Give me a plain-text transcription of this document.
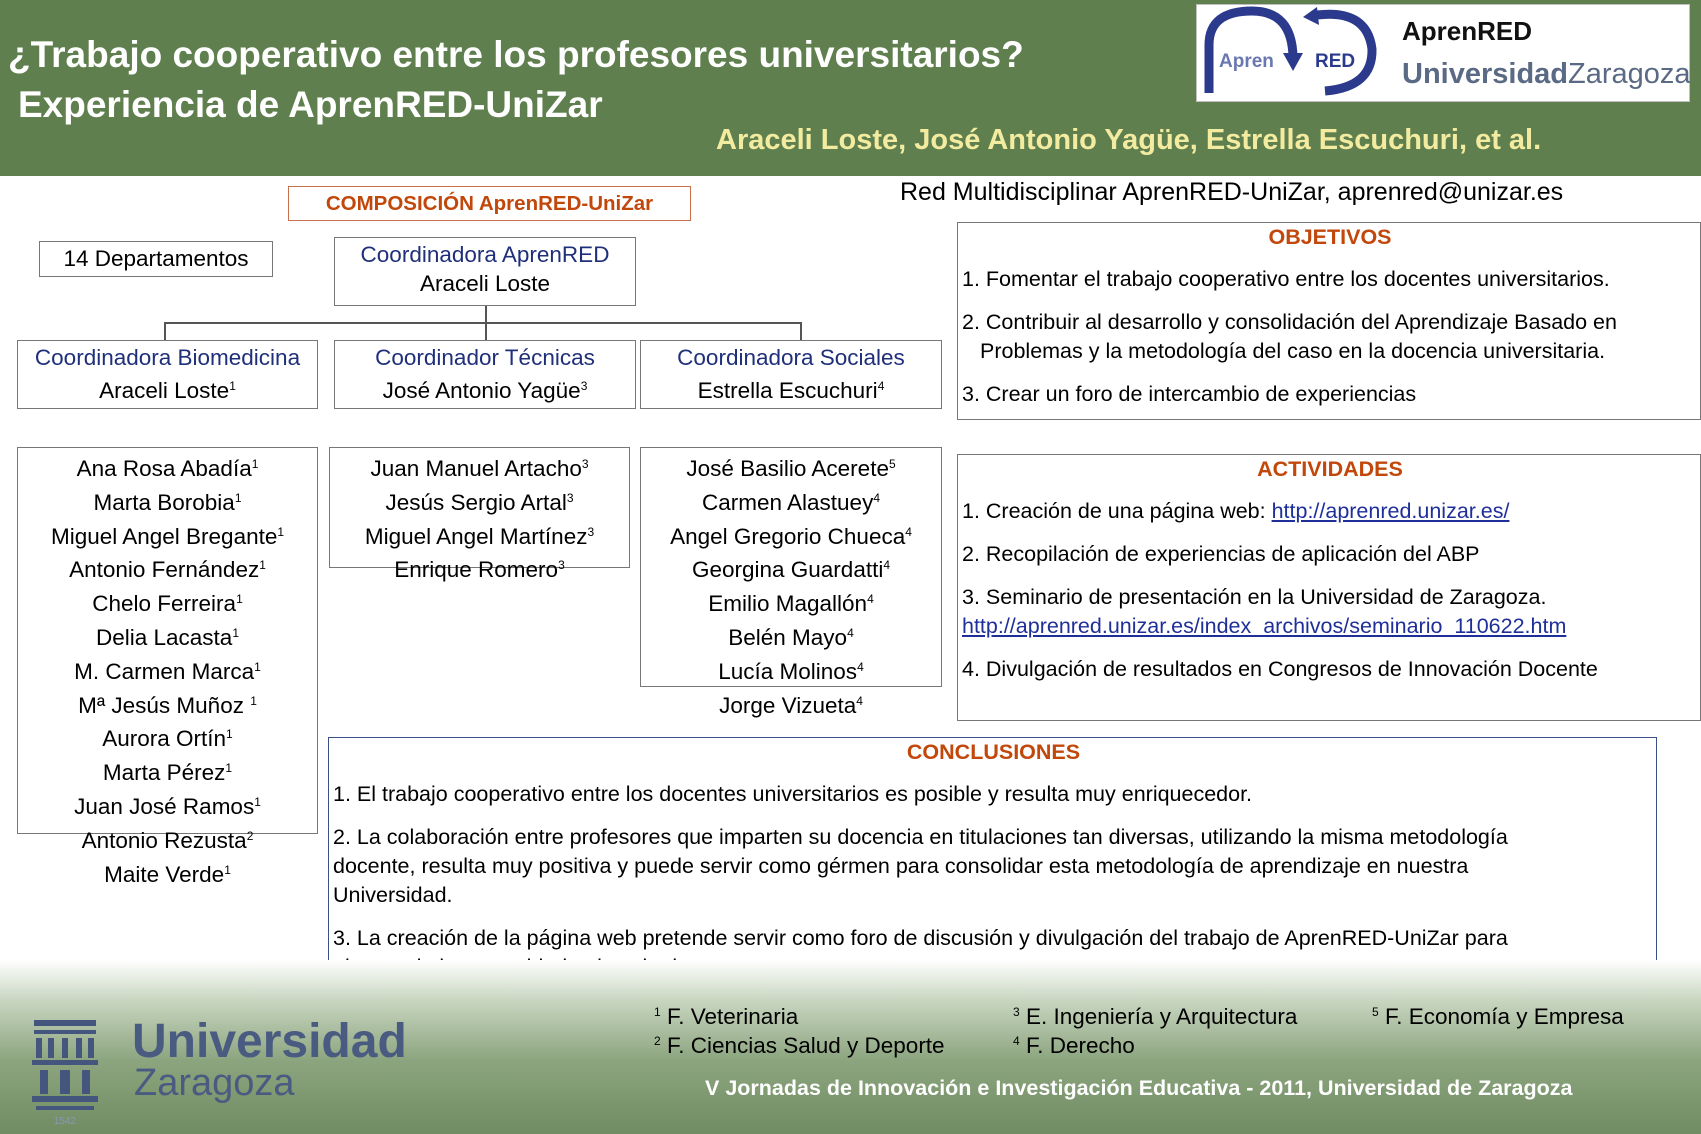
¿Trabajo cooperativo entre los profesores universitarios?
Experiencia de AprenRED-UniZar
Araceli Loste, José Antonio Yagüe, Estrella Escuchuri, et al.
Apren RED
AprenRED
UniversidadZaragoza
Red Multidisciplinar AprenRED-UniZar, aprenred@unizar.es
COMPOSICIÓN AprenRED-UniZar
14 Departamentos	Coordinadora AprenRED
Araceli Loste
Coordinadora Biomedicina
Araceli Loste$^1$
Coordinador Técnicas
José Antonio Yagüe$^3$
Coordinadora Sociales
Estrella Escuchuri$^4$
Ana Rosa Abadía$^1$
Marta Borobia$^1$
Miguel Angel Bregante$^1$
Antonio Fernández$^1$
Chelo Ferreira$^1$
Delia Lacasta$^1$
M. Carmen Marca$^1$
Mª Jesús Muñoz $^1$
Aurora Ortín$^1$
Marta Pérez$^1$
Juan José Ramos$^1$
Antonio Rezusta$^2$
Maite Verde$^1$
Juan Manuel Artacho$^3$
Jesús Sergio Artal$^3$
Miguel Angel Martínez$^3$
Enrique Romero$^3$
José Basilio Acerete$^5$
Carmen Alastuey$^4$
Angel Gregorio Chueca$^4$
Georgina Guardatti$^4$
Emilio Magallón$^4$
Belén Mayo$^4$
Lucía Molinos$^4$
Jorge Vizueta$^4$
OBJETIVOS
1. Fomentar el trabajo cooperativo entre los docentes universitarios.
2. Contribuir al desarrollo y consolidación del Aprendizaje Basado en
Problemas y la metodología del caso en la docencia universitaria.
3. Crear un foro de intercambio de experiencias
ACTIVIDADES
1. Creación de una página web: http://aprenred.unizar.es/
2. Recopilación de experiencias de aplicación del ABP
3. Seminario de presentación en la Universidad de Zaragoza.
http://aprenred.unizar.es/index_archivos/seminario_110622.htm
4. Divulgación de resultados en Congresos de Innovación Docente
CONCLUSIONES
1. El trabajo cooperativo entre los docentes universitarios es posible y resulta muy enriquecedor.
2. La colaboración entre profesores que imparten su docencia en titulaciones tan diversas, utilizando la misma metodología
docente, resulta muy positiva y puede servir como gérmen para consolidar esta metodología de aprendizaje en nuestra
Universidad.
3. La creación de la página web pretende servir como foro de discusión y divulgación del trabajo de AprenRED-UniZar para
$^1$ F. Veterinaria
$^2$ F. Ciencias Salud y Deporte
$^3$ E. Ingeniería y Arquitectura
$^4$ F. Derecho
$^5$ F. Economía y Empresa
1542
Universidad
Zaragoza	V Jornadas de Innovación e Investigación Educativa - 2011, Universidad de Zaragoza
